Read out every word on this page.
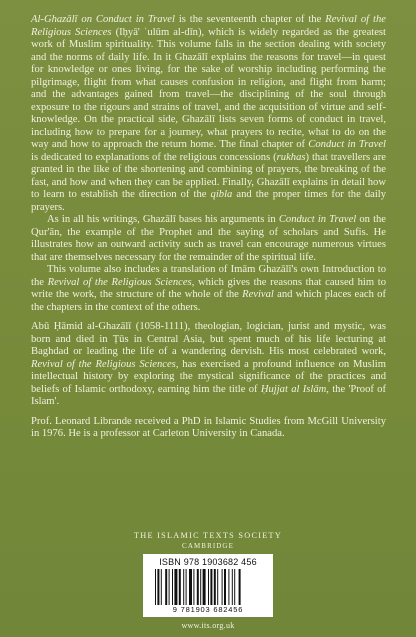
Al-Ghazālī on Conduct in Travel is the seventeenth chapter of the Revival of the Religious Sciences (Iḥyā' ʿulūm al-dīn), which is widely regarded as the greatest work of Muslim spirituality. This volume falls in the section dealing with society and the norms of daily life. In it Ghazālī explains the reasons for travel—in quest for knowledge or ones living, for the sake of worship including performing the pilgrimage, flight from what causes confusion in religion, and flight from harm; and the advantages gained from travel—the disciplining of the soul through exposure to the rigours and strains of travel, and the acquisition of virtue and self-knowledge. On the practical side, Ghazālī lists seven forms of conduct in travel, including how to prepare for a journey, what prayers to recite, what to do on the way and how to approach the return home. The final chapter of Conduct in Travel is dedicated to explanations of the religious concessions (rukhas) that travellers are granted in the like of the shortening and combining of prayers, the breaking of the fast, and how and when they can be applied. Finally, Ghazālī explains in detail how to learn to establish the direction of the qibla and the proper times for the daily prayers.

As in all his writings, Ghazālī bases his arguments in Conduct in Travel on the Qur'ān, the example of the Prophet and the saying of scholars and Sufis. He illustrates how an outward activity such as travel can encourage numerous virtues that are themselves necessary for the remainder of the spiritual life.

This volume also includes a translation of Imām Ghazālī's own Introduction to the Revival of the Religious Sciences, which gives the reasons that caused him to write the work, the structure of the whole of the Revival and which places each of the chapters in the context of the others.

Abū Ḥāmid al-Ghazālī (1058-1111), theologian, logician, jurist and mystic, was born and died in Ṭūs in Central Asia, but spent much of his life lecturing at Baghdad or leading the life of a wandering dervish. His most celebrated work, Revival of the Religious Sciences, has exercised a profound influence on Muslim intellectual history by exploring the mystical significance of the practices and beliefs of Islamic orthodoxy, earning him the title of Ḥujjat al Islām, the 'Proof of Islam'.

Prof. Leonard Librande received a PhD in Islamic Studies from McGill University in 1976. He is a professor at Carleton University in Canada.

THE ISLAMIC TEXTS SOCIETY
CAMBRIDGE
ISBN 978 1903682 456
9 781903 682456
www.its.org.uk
